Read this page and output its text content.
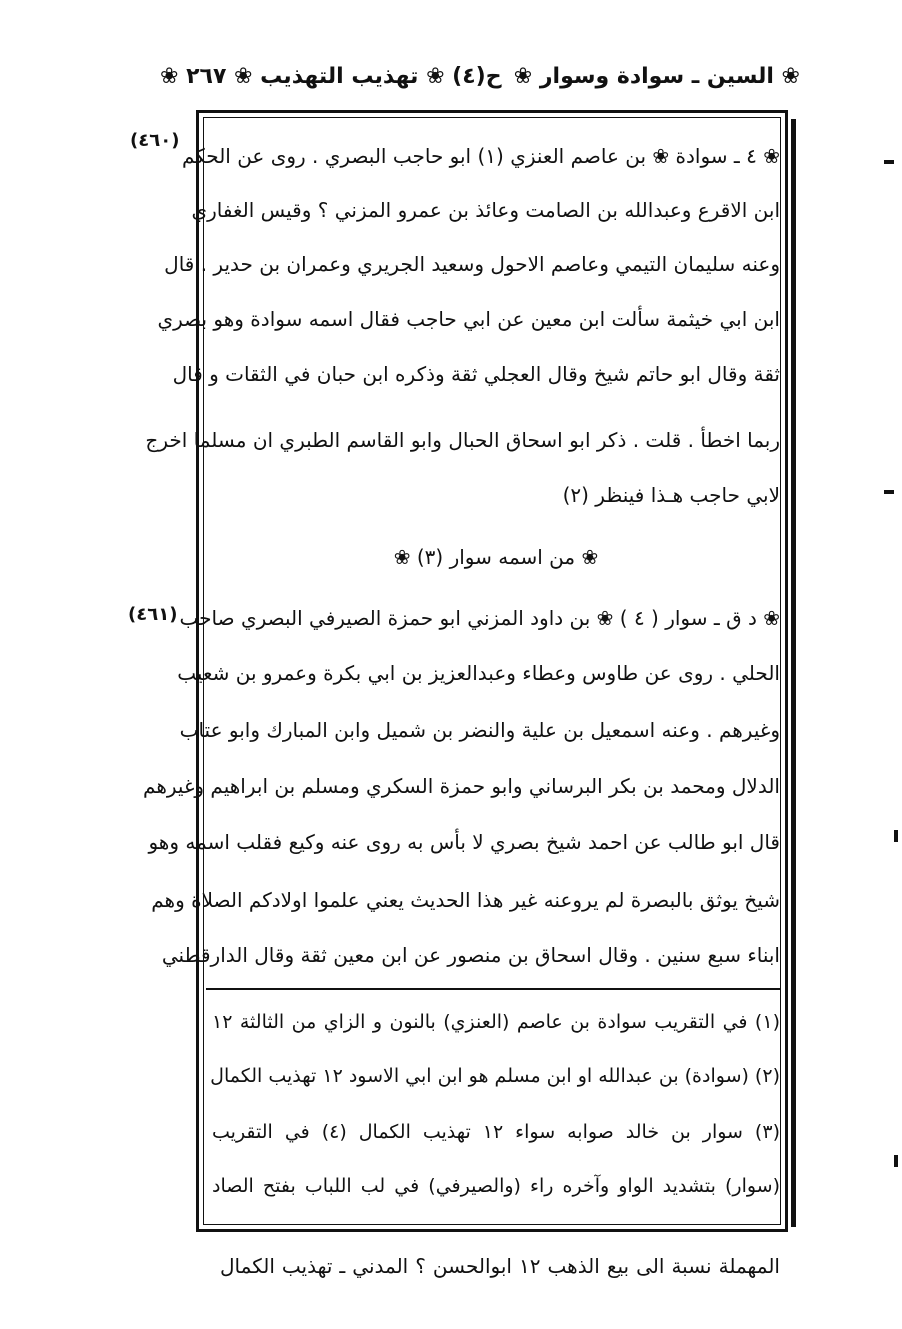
❀ السين ـ سوادة وسوار ❀
ح(٤) ❀ تهذيب التهذيب ❀ ٢٦٧ ❀
(٤٦٠)
(٤٦١)
❀ ٤ ـ سوادة ❀ بن عاصم العنزي (١) ابو حاجب البصري . روى عن الحكم
ابن الاقرع وعبدالله بن الصامت وعائذ بن عمرو المزني ؟ وقيس الغفاري
وعنه سليمان التيمي وعاصم الاحول وسعيد الجريري وعمران بن حدير . قال
ابن ابي خيثمة سألت ابن معين عن ابي حاجب فقال اسمه سوادة وهو بصري
ثقة وقال ابو حاتم شيخ وقال العجلي ثقة وذكره ابن حبان في الثقات و قال
ربما اخطأ . قلت . ذكر ابو اسحاق الحبال وابو القاسم الطبري ان مسلما اخرج
لابي حاجب هـذا فينظر (٢)
❀ من اسمه سوار (٣) ❀
❀ د ق ـ سوار ( ٤ ) ❀ بن داود المزني ابو حمزة الصيرفي البصري صاحب
الحلي . روى عن طاوس وعطاء وعبدالعزيز بن ابي بكرة وعمرو بن شعيب
وغيرهم . وعنه اسمعيل بن علية والنضر بن شميل وابن المبارك وابو عتاب
الدلال ومحمد بن بكر البرساني وابو حمزة السكري ومسلم بن ابراهيم وغيرهم
قال ابو طالب عن احمد شيخ بصري لا بأس به روى عنه وكيع فقلب اسمه وهو
شيخ يوثق بالبصرة لم يروعنه غير هذا الحديث يعني علموا اولادكم الصلاة وهم
ابناء سبع سنين . وقال اسحاق بن منصور عن ابن معين ثقة وقال الدارقطني
(١) في التقريب سوادة بن عاصم (العنزي) بالنون و الزاي من الثالثة ١٢
(٢) (سوادة) بن عبدالله او ابن مسلم هو ابن ابي الاسود ١٢ تهذيب الكمال
(٣) سوار بن خالد صوابه سواء ١٢ تهذيب الكمال (٤) في التقريب
(سوار) بتشديد الواو وآخره راء (والصيرفي) في لب اللباب بفتح الصاد
المهملة نسبة الى بيع الذهب ١٢ ابوالحسن ؟ المدني ـ تهذيب الكمال
